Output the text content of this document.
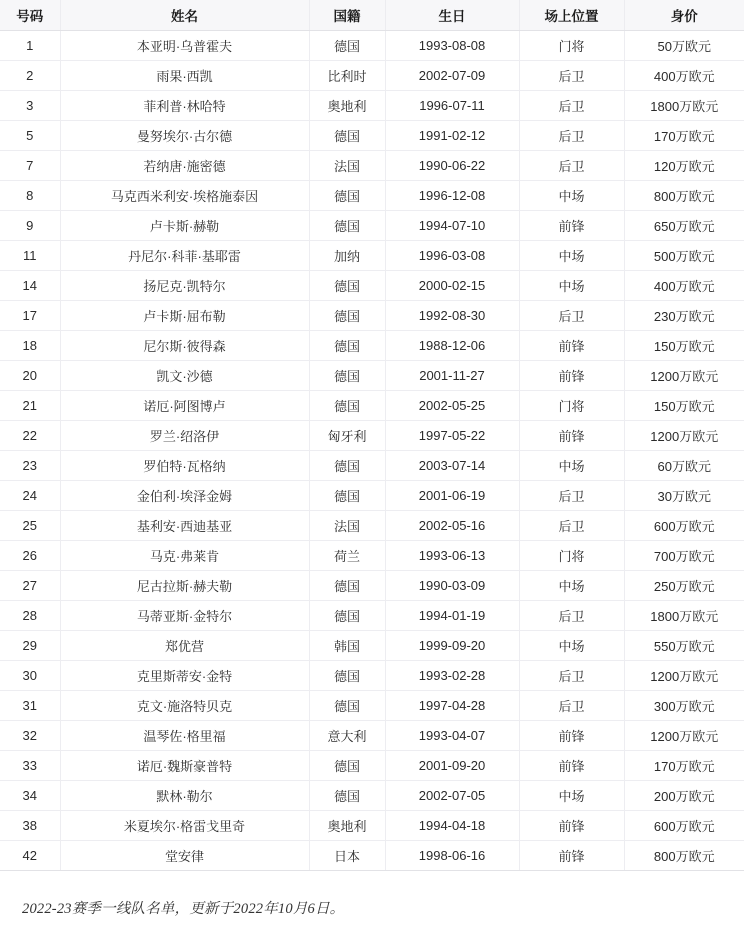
号码	姓名	国籍	生日	场上位置	身价
1	本亚明·乌普霍夫	德国	1993-08-08	门将	50万欧元
2	雨果·西凯	比利时	2002-07-09	后卫	400万欧元
3	菲利普·林哈特	奥地利	1996-07-11	后卫	1800万欧元
5	曼努埃尔·古尔德	德国	1991-02-12	后卫	170万欧元
7	若纳唐·施密德	法国	1990-06-22	后卫	120万欧元
8	马克西米利安·埃格施泰因	德国	1996-12-08	中场	800万欧元
9	卢卡斯·赫勒	德国	1994-07-10	前锋	650万欧元
11	丹尼尔·科菲·基耶雷	加纳	1996-03-08	中场	500万欧元
14	扬尼克·凯特尔	德国	2000-02-15	中场	400万欧元
17	卢卡斯·屈布勒	德国	1992-08-30	后卫	230万欧元
18	尼尔斯·彼得森	德国	1988-12-06	前锋	150万欧元
20	凯文·沙德	德国	2001-11-27	前锋	1200万欧元
21	诺厄·阿图博卢	德国	2002-05-25	门将	150万欧元
22	罗兰·绍洛伊	匈牙利	1997-05-22	前锋	1200万欧元
23	罗伯特·瓦格纳	德国	2003-07-14	中场	60万欧元
24	金伯利·埃泽金姆	德国	2001-06-19	后卫	30万欧元
25	基利安·西迪基亚	法国	2002-05-16	后卫	600万欧元
26	马克·弗莱肯	荷兰	1993-06-13	门将	700万欧元
27	尼古拉斯·赫夫勒	德国	1990-03-09	中场	250万欧元
28	马蒂亚斯·金特尔	德国	1994-01-19	后卫	1800万欧元
29	郑优营	韩国	1999-09-20	中场	550万欧元
30	克里斯蒂安·金特	德国	1993-02-28	后卫	1200万欧元
31	克文·施洛特贝克	德国	1997-04-28	后卫	300万欧元
32	温琴佐·格里福	意大利	1993-04-07	前锋	1200万欧元
33	诺厄·魏斯豪普特	德国	2001-09-20	前锋	170万欧元
34	默林·勒尔	德国	2002-07-05	中场	200万欧元
38	米夏埃尔·格雷戈里奇	奥地利	1994-04-18	前锋	600万欧元
42	堂安律	日本	1998-06-16	前锋	800万欧元
2022-23赛季一线队名单，更新于2022年10月6日。
